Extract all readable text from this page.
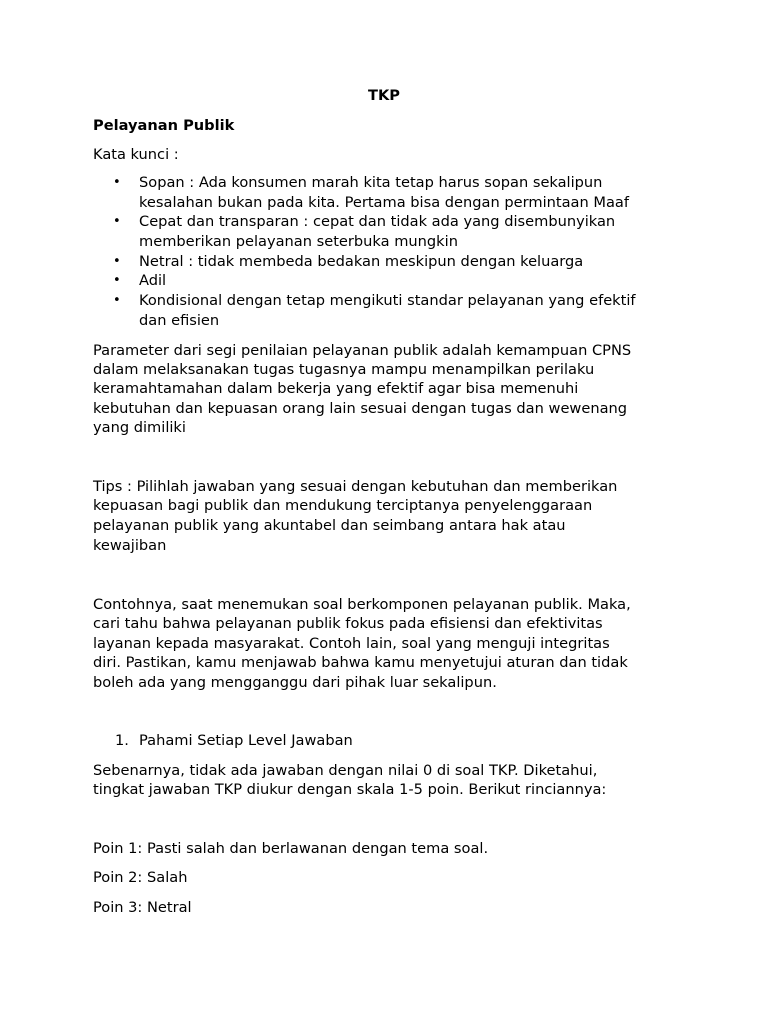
TKP
Pelayanan Publik
Kata kunci :
• Sopan : Ada konsumen marah kita tetap harus sopan sekalipun
kesalahan bukan pada kita. Pertama bisa dengan permintaan Maaf
• Cepat dan transparan : cepat dan tidak ada yang disembunyikan
memberikan pelayanan seterbuka mungkin
• Netral : tidak membeda bedakan meskipun dengan keluarga
• Adil
• Kondisional dengan tetap mengikuti standar pelayanan yang efektif
dan efisien
Parameter dari segi penilaian pelayanan publik adalah kemampuan CPNS
dalam melaksanakan tugas tugasnya mampu menampilkan perilaku
keramahtamahan dalam bekerja yang efektif agar bisa memenuhi
kebutuhan dan kepuasan orang lain sesuai dengan tugas dan wewenang
yang dimiliki
Tips : Pilihlah jawaban yang sesuai dengan kebutuhan dan memberikan
kepuasan bagi publik dan mendukung terciptanya penyelenggaraan
pelayanan publik yang akuntabel dan seimbang antara hak atau
kewajiban
Contohnya, saat menemukan soal berkomponen pelayanan publik. Maka,
cari tahu bahwa pelayanan publik fokus pada efisiensi dan efektivitas
layanan kepada masyarakat. Contoh lain, soal yang menguji integritas
diri. Pastikan, kamu menjawab bahwa kamu menyetujui aturan dan tidak
boleh ada yang mengganggu dari pihak luar sekalipun.
1. Pahami Setiap Level Jawaban
Sebenarnya, tidak ada jawaban dengan nilai 0 di soal TKP. Diketahui,
tingkat jawaban TKP diukur dengan skala 1-5 poin. Berikut rinciannya:
Poin 1: Pasti salah dan berlawanan dengan tema soal.
Poin 2: Salah
Poin 3: Netral
